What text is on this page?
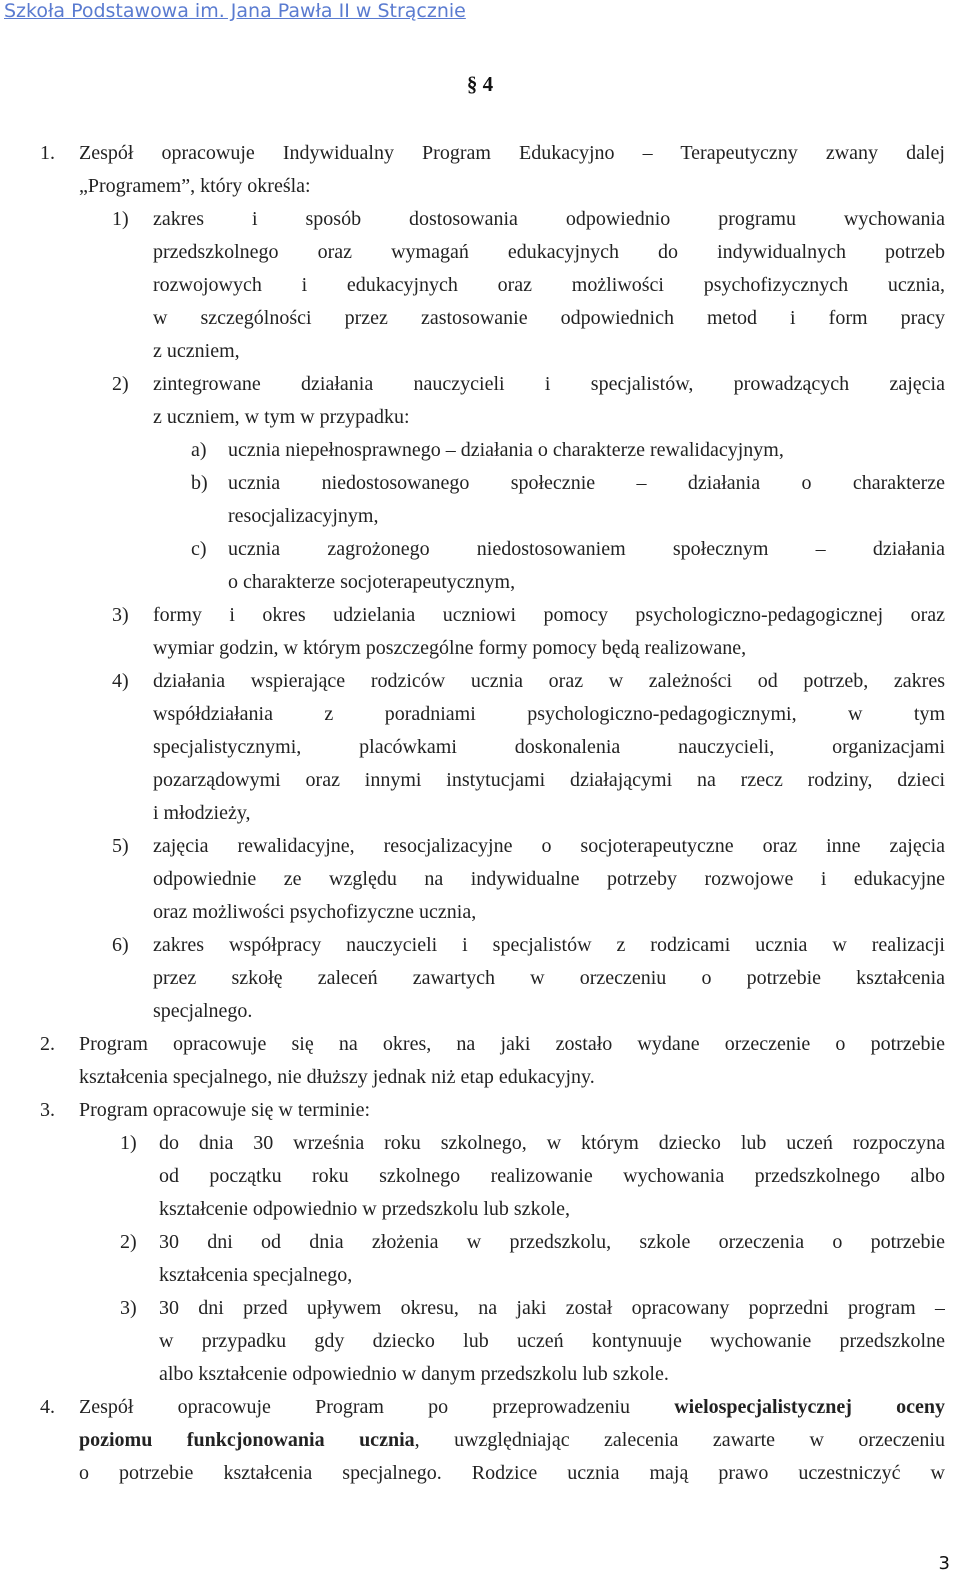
Szkoła Podstawowa im. Jana Pawła II w Strącznie
§ 4
1. Zespół opracowuje Indywidualny Program Edukacyjno – Terapeutyczny zwany dalej
„Programem”, który określa:
1) zakres i sposób dostosowania odpowiednio programu wychowania
przedszkolnego oraz wymagań edukacyjnych do indywidualnych potrzeb
rozwojowych i edukacyjnych oraz możliwości psychofizycznych ucznia,
w szczególności przez zastosowanie odpowiednich metod i form pracy
z uczniem,
2) zintegrowane działania nauczycieli i specjalistów, prowadzących zajęcia
z uczniem, w tym w przypadku:
a) ucznia niepełnosprawnego – działania o charakterze rewalidacyjnym,
b) ucznia niedostosowanego społecznie – działania o charakterze
resocjalizacyjnym,
c) ucznia zagrożonego niedostosowaniem społecznym – działania
o charakterze socjoterapeutycznym,
3) formy i okres udzielania uczniowi pomocy psychologiczno-pedagogicznej oraz
wymiar godzin, w którym poszczególne formy pomocy będą realizowane,
4) działania wspierające rodziców ucznia oraz w zależności od potrzeb, zakres
współdziałania z poradniami psychologiczno-pedagogicznymi, w tym
specjalistycznymi, placówkami doskonalenia nauczycieli, organizacjami
pozarządowymi oraz innymi instytucjami działającymi na rzecz rodziny, dzieci
i młodzieży,
5) zajęcia rewalidacyjne, resocjalizacyjne o socjoterapeutyczne oraz inne zajęcia
odpowiednie ze względu na indywidualne potrzeby rozwojowe i edukacyjne
oraz możliwości psychofizyczne ucznia,
6) zakres współpracy nauczycieli i specjalistów z rodzicami ucznia w realizacji
przez szkołę zaleceń zawartych w orzeczeniu o potrzebie kształcenia
specjalnego.
2. Program opracowuje się na okres, na jaki zostało wydane orzeczenie o potrzebie
kształcenia specjalnego, nie dłuższy jednak niż etap edukacyjny.
3. Program opracowuje się w terminie:
1) do dnia 30 września roku szkolnego, w którym dziecko lub uczeń rozpoczyna
od początku roku szkolnego realizowanie wychowania przedszkolnego albo
kształcenie odpowiednio w przedszkolu lub szkole,
2) 30 dni od dnia złożenia w przedszkolu, szkole orzeczenia o potrzebie
kształcenia specjalnego,
3) 30 dni przed upływem okresu, na jaki został opracowany poprzedni program –
w przypadku gdy dziecko lub uczeń kontynuuje wychowanie przedszkolne
albo kształcenie odpowiednio w danym przedszkolu lub szkole.
4. Zespół opracowuje Program po przeprowadzeniu wielospecjalistycznej oceny
poziomu funkcjonowania ucznia, uwzględniając zalecenia zawarte w orzeczeniu
o potrzebie kształcenia specjalnego. Rodzice ucznia mają prawo uczestniczyć w
3
